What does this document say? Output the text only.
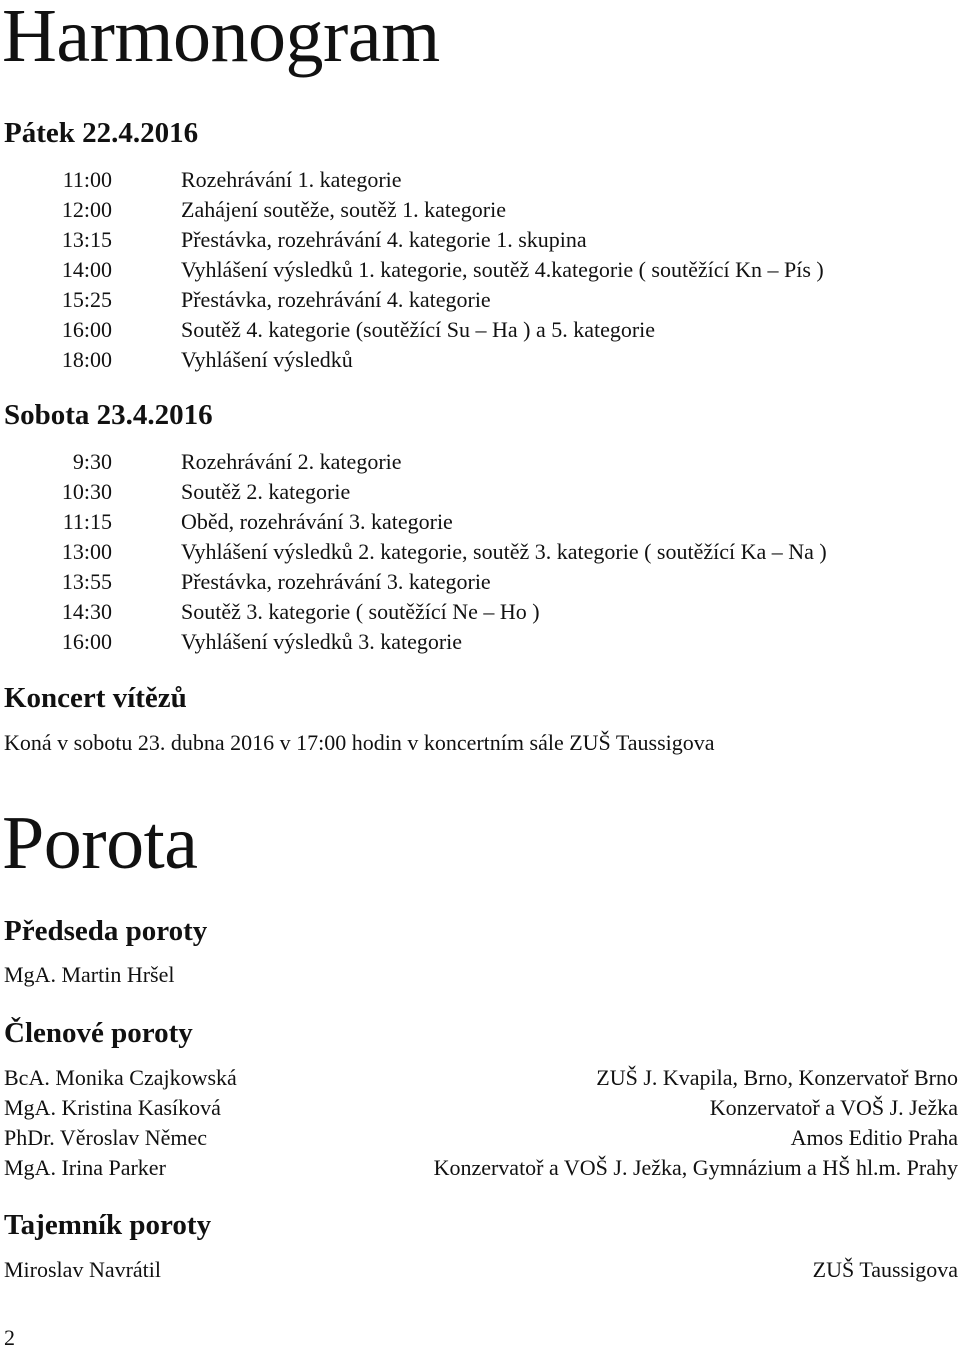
Harmonogram
Pátek 22.4.2016
11:00	Rozehrávání 1. kategorie
12:00	Zahájení soutěže, soutěž 1. kategorie
13:15	Přestávka, rozehrávání 4. kategorie 1. skupina
14:00	Vyhlášení výsledků 1. kategorie, soutěž 4.kategorie ( soutěžící Kn – Pís )
15:25	Přestávka, rozehrávání 4. kategorie
16:00	Soutěž 4. kategorie (soutěžící Su – Ha ) a 5. kategorie
18:00	Vyhlášení výsledků
Sobota 23.4.2016
9:30	Rozehrávání 2. kategorie
10:30	Soutěž 2. kategorie
11:15	Oběd, rozehrávání 3. kategorie
13:00	Vyhlášení výsledků 2. kategorie, soutěž 3. kategorie ( soutěžící Ka – Na )
13:55	Přestávka, rozehrávání 3. kategorie
14:30	Soutěž 3. kategorie ( soutěžící Ne – Ho )
16:00	Vyhlášení výsledků 3. kategorie
Koncert vítězů
Koná v sobotu 23. dubna 2016 v 17:00 hodin v koncertním sále ZUŠ Taussigova
Porota
Předseda poroty
MgA. Martin Hršel
Členové poroty
BcA. Monika Czajkowská	ZUŠ J. Kvapila, Brno, Konzervatoř Brno
MgA. Kristina Kasíková	Konzervatoř a VOŠ J. Ježka
PhDr. Věroslav Němec	Amos Editio Praha
MgA. Irina Parker	Konzervatoř a VOŠ J. Ježka, Gymnázium a HŠ hl.m. Prahy
Tajemník poroty
Miroslav Navrátil	ZUŠ Taussigova
2
